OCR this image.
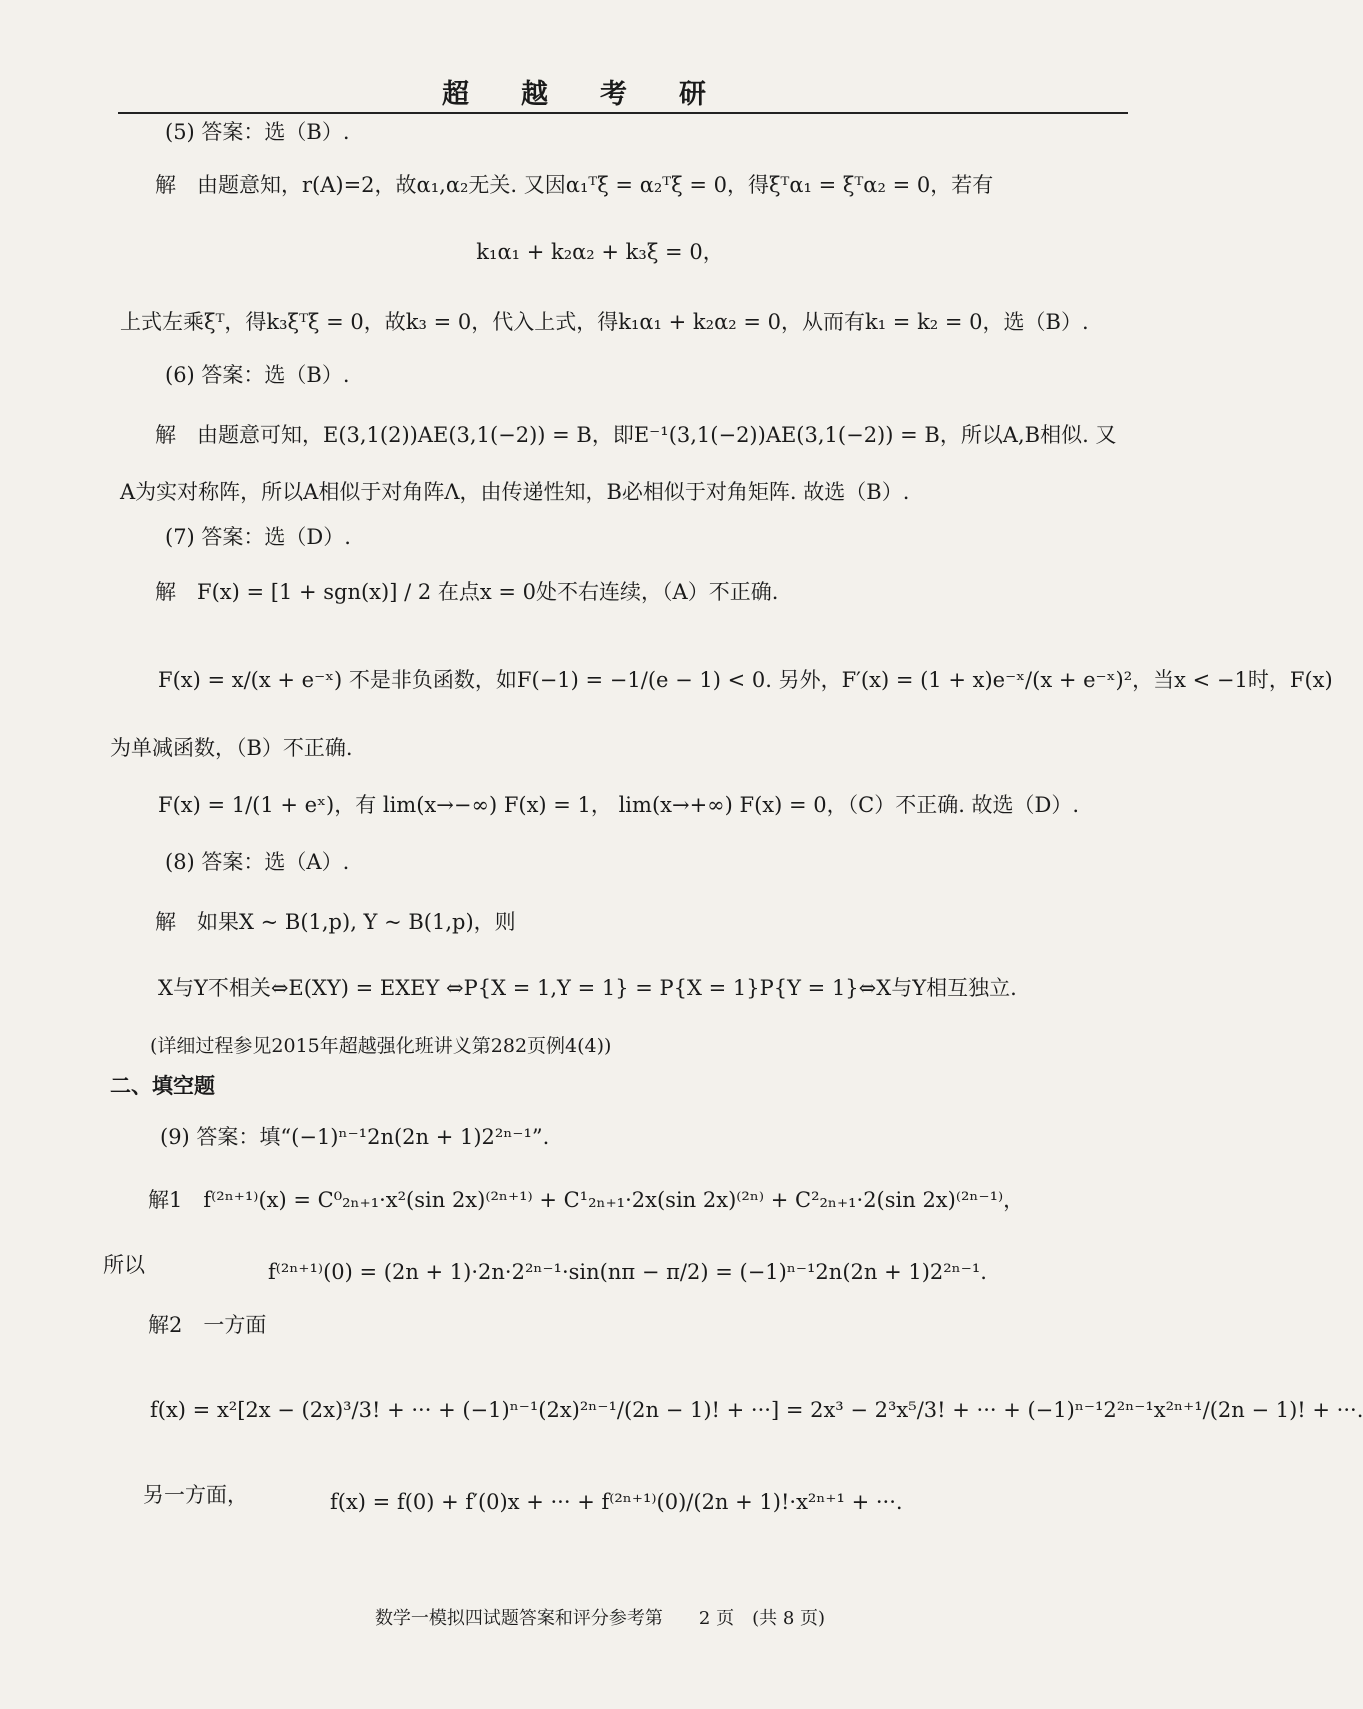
超越考研
(5) 答案：选（B）.
解　由题意知，r(A)=2，故α₁,α₂无关. 又因α₁ᵀξ = α₂ᵀξ = 0，得ξᵀα₁ = ξᵀα₂ = 0，若有
k₁α₁ + k₂α₂ + k₃ξ = 0，
上式左乘ξᵀ，得k₃ξᵀξ = 0，故k₃ = 0，代入上式，得k₁α₁ + k₂α₂ = 0，从而有k₁ = k₂ = 0，选（B）.
(6) 答案：选（B）.
解　由题意可知，E(3,1(2))AE(3,1(−2)) = B，即E⁻¹(3,1(−2))AE(3,1(−2)) = B，所以A,B相似. 又
A为实对称阵，所以A相似于对角阵Λ，由传递性知，B必相似于对角矩阵. 故选（B）.
(7) 答案：选（D）.
解　F(x) = [1 + sgn(x)] / 2 在点x = 0处不右连续，（A）不正确.
F(x) = x/(x + e⁻ˣ) 不是非负函数，如F(−1) = −1/(e − 1) < 0. 另外，F′(x) = (1 + x)e⁻ˣ/(x + e⁻ˣ)²，当x < −1时，F(x)
为单减函数，（B）不正确.
F(x) = 1/(1 + eˣ)，有 lim(x→−∞) F(x) = 1， lim(x→+∞) F(x) = 0，（C）不正确. 故选（D）.
(8) 答案：选（A）.
解　如果X ~ B(1,p), Y ~ B(1,p)，则
X与Y不相关⇔E(XY) = EXEY ⇔P{X = 1,Y = 1} = P{X = 1}P{Y = 1}⇔X与Y相互独立.
(详细过程参见2015年超越强化班讲义第282页例4(4))
二、填空题
(9) 答案：填“(−1)ⁿ⁻¹2n(2n + 1)2²ⁿ⁻¹”.
解1　f⁽²ⁿ⁺¹⁾(x) = C⁰₂ₙ₊₁·x²(sin 2x)⁽²ⁿ⁺¹⁾ + C¹₂ₙ₊₁·2x(sin 2x)⁽²ⁿ⁾ + C²₂ₙ₊₁·2(sin 2x)⁽²ⁿ⁻¹⁾，
所以	f⁽²ⁿ⁺¹⁾(0) = (2n + 1)·2n·2²ⁿ⁻¹·sin(nπ − π/2) = (−1)ⁿ⁻¹2n(2n + 1)2²ⁿ⁻¹.
解2　一方面
f(x) = x²[2x − (2x)³/3! + ··· + (−1)ⁿ⁻¹(2x)²ⁿ⁻¹/(2n − 1)! + ···] = 2x³ − 2³x⁵/3! + ··· + (−1)ⁿ⁻¹2²ⁿ⁻¹x²ⁿ⁺¹/(2n − 1)! + ···.
另一方面，	f(x) = f(0) + f′(0)x + ··· + f⁽²ⁿ⁺¹⁾(0)/(2n + 1)!·x²ⁿ⁺¹ + ···.
数学一模拟四试题答案和评分参考第　　2 页　(共 8 页)
